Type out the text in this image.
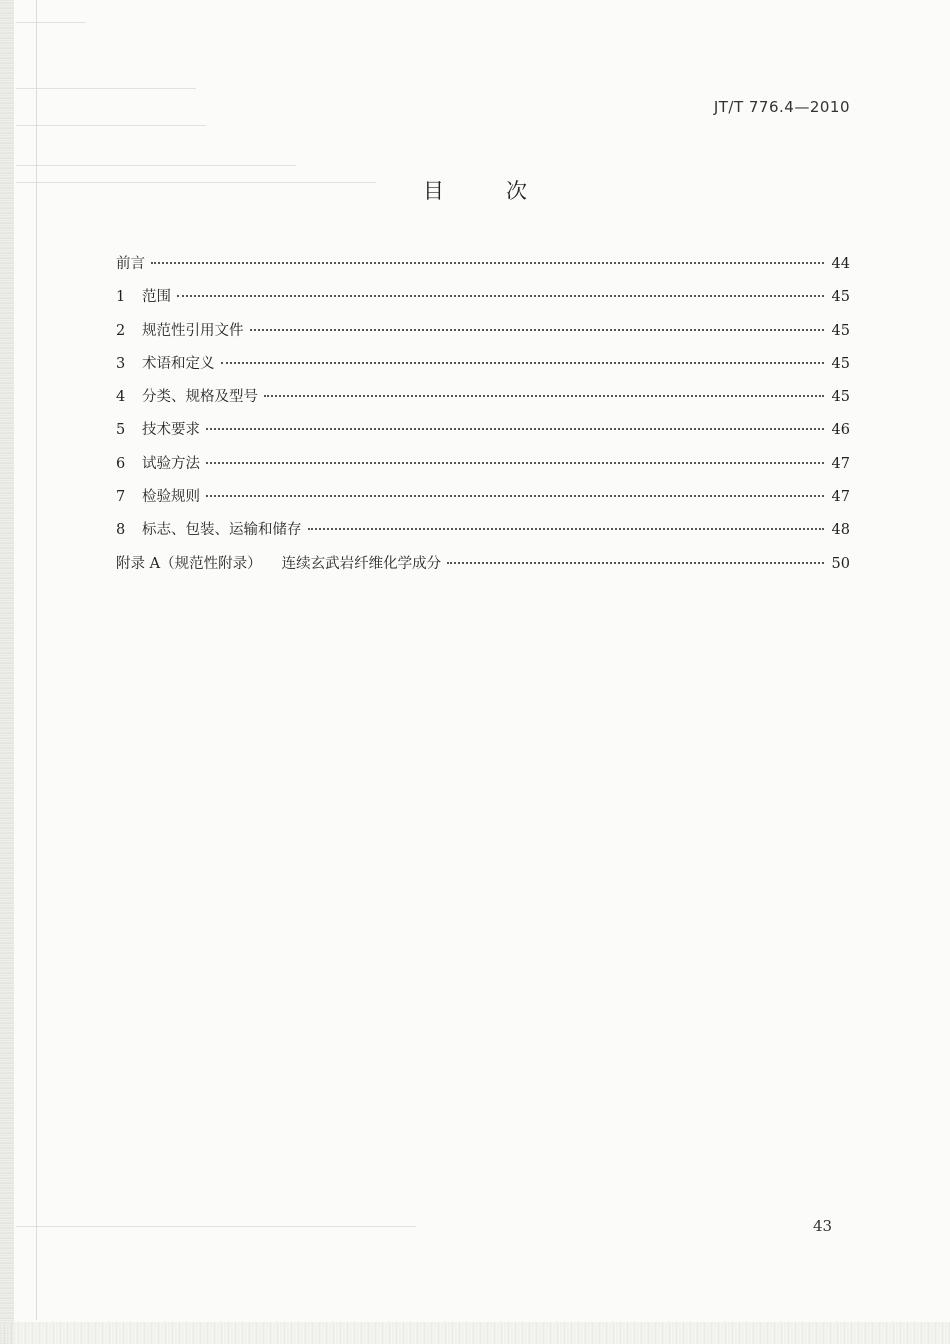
JT/T 776.4—2010
目	次
前言	44
1	范围	45
2	规范性引用文件	45
3	术语和定义	45
4	分类、规格及型号	45
5	技术要求	46
6	试验方法	47
7	检验规则	47
8	标志、包装、运输和储存	48
附录 A（规范性附录） 连续玄武岩纤维化学成分	50
43
